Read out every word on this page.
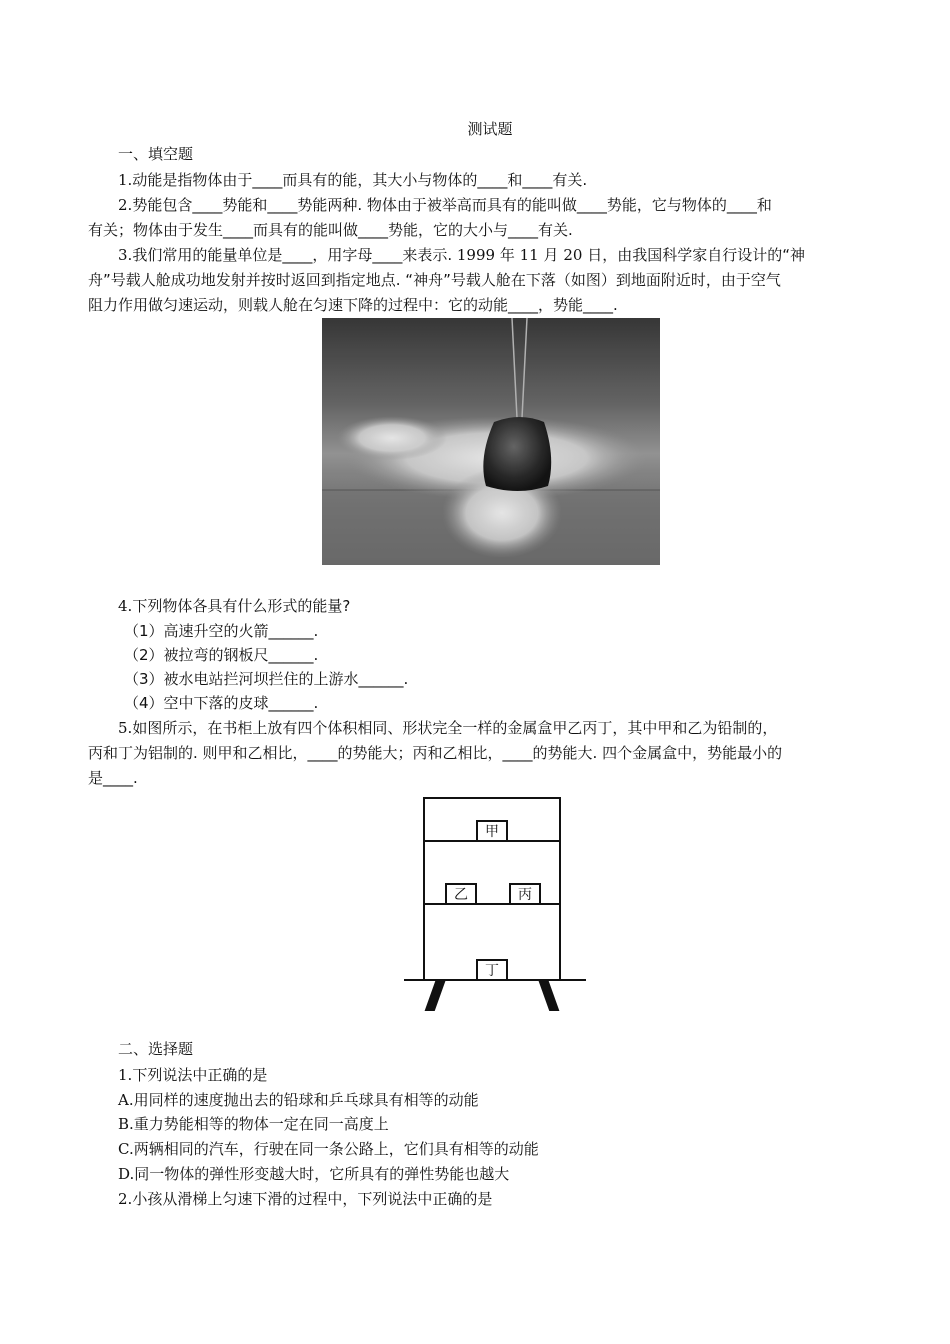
测试题
一、填空题
1.动能是指物体由于____而具有的能，其大小与物体的____和____有关.
2.势能包含____势能和____势能两种. 物体由于被举高而具有的能叫做____势能，它与物体的____和
有关；物体由于发生____而具有的能叫做____势能，它的大小与____有关.
3.我们常用的能量单位是____，用字母____来表示. 1999 年 11 月 20 日，由我国科学家自行设计的“神
舟”号载人舱成功地发射并按时返回到指定地点. “神舟”号载人舱在下落（如图）到地面附近时，由于空气
阻力作用做匀速运动，则载人舱在匀速下降的过程中：它的动能____，势能____.
4.下列物体各具有什么形式的能量?
（1）高速升空的火箭______.
（2）被拉弯的钢板尺______.
（3）被水电站拦河坝拦住的上游水______.
（4）空中下落的皮球______.
5.如图所示，在书柜上放有四个体积相同、形状完全一样的金属盒甲乙丙丁，其中甲和乙为铅制的，
丙和丁为铝制的. 则甲和乙相比，____的势能大；丙和乙相比，____的势能大. 四个金属盒中，势能最小的
是____.
甲
乙	丙
丁
二、选择题
1.下列说法中正确的是
A.用同样的速度抛出去的铅球和乒乓球具有相等的动能
B.重力势能相等的物体一定在同一高度上
C.两辆相同的汽车，行驶在同一条公路上，它们具有相等的动能
D.同一物体的弹性形变越大时，它所具有的弹性势能也越大
2.小孩从滑梯上匀速下滑的过程中，下列说法中正确的是
